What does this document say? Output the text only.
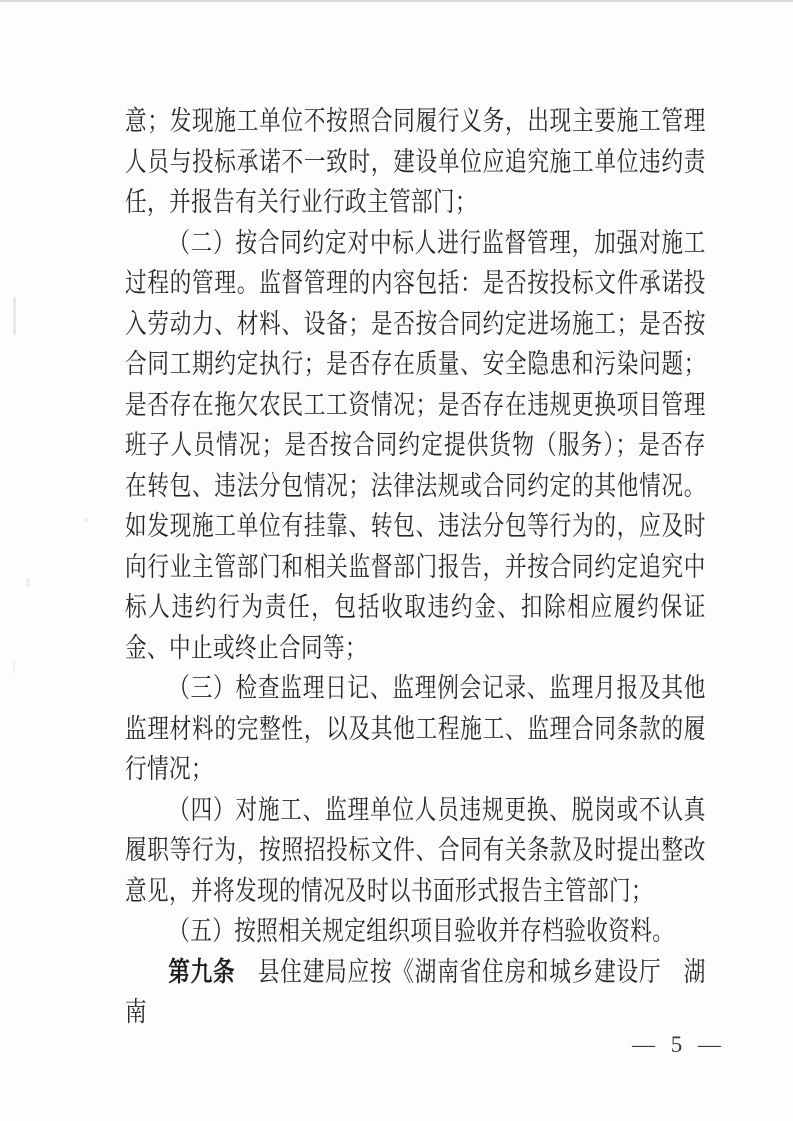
意；发现施工单位不按照合同履行义务，出现主要施工管理人员与投标承诺不一致时，建设单位应追究施工单位违约责任，并报告有关行业行政主管部门；

（二）按合同约定对中标人进行监督管理，加强对施工过程的管理。监督管理的内容包括：是否按投标文件承诺投入劳动力、材料、设备；是否按合同约定进场施工；是否按合同工期约定执行；是否存在质量、安全隐患和污染问题；是否存在拖欠农民工工资情况；是否存在违规更换项目管理班子人员情况；是否按合同约定提供货物（服务）；是否存在转包、违法分包情况；法律法规或合同约定的其他情况。如发现施工单位有挂靠、转包、违法分包等行为的，应及时向行业主管部门和相关监督部门报告，并按合同约定追究中标人违约行为责任，包括收取违约金、扣除相应履约保证金、中止或终止合同等；

（三）检查监理日记、监理例会记录、监理月报及其他监理材料的完整性，以及其他工程施工、监理合同条款的履行情况；

（四）对施工、监理单位人员违规更换、脱岗或不认真履职等行为，按照招投标文件、合同有关条款及时提出整改意见，并将发现的情况及时以书面形式报告主管部门；

（五）按照相关规定组织项目验收并存档验收资料。

第九条　县住建局应按《湖南省住房和城乡建设厅　湖南

— 5 —
